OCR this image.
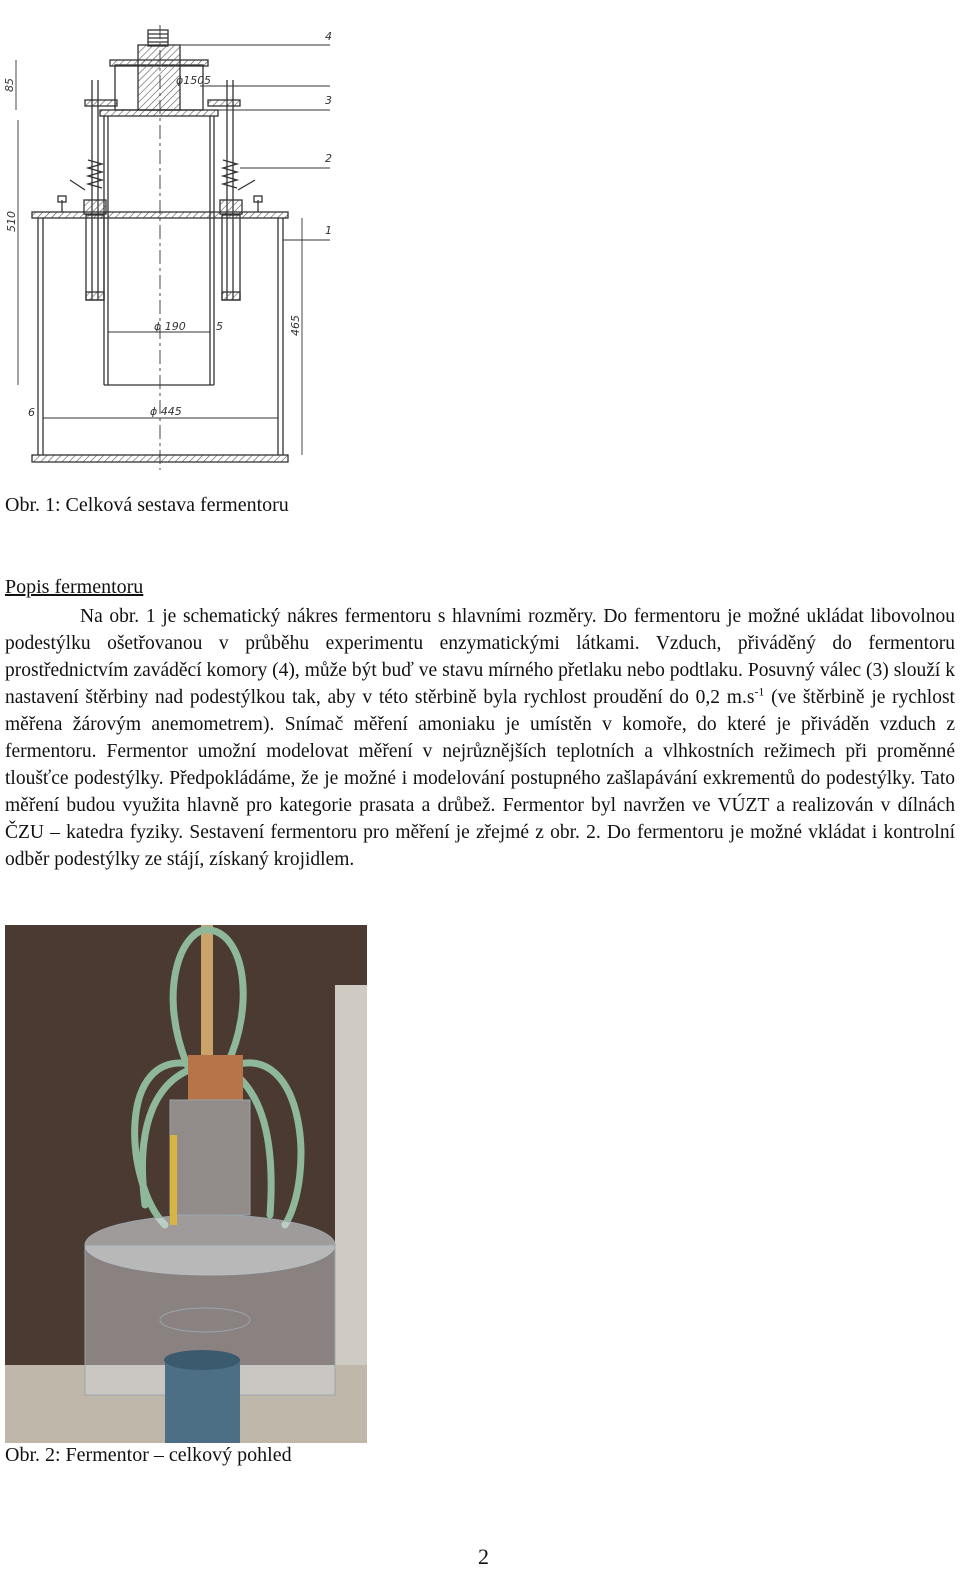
ϕ150
ϕ 190
ϕ 445
5
5
6
85
510
465
4
3
2
1
Obr. 1: Celková sestava fermentoru
Popis fermentoru
Na obr. 1 je schematický nákres fermentoru s hlavními rozměry. Do fermentoru je možné ukládat libovolnou podestýlku ošetřovanou v průběhu experimentu enzymatickými látkami. Vzduch, přiváděný do fermentoru prostřednictvím zaváděcí komory (4), může být buď ve stavu mírného přetlaku nebo podtlaku. Posuvný válec (3) slouží k nastavení štěrbiny nad podestýlkou tak, aby v této stěrbině byla rychlost proudění do 0,2 $m.s^{-1}$ (ve štěrbině je rychlost měřena žárovým anemometrem). Snímač měření amoniaku je umístěn v komoře, do které je přiváděn vzduch z fermentoru. Fermentor umožní modelovat měření v nejrůznějších teplotních a vlhkostních režimech při proměnné tloušťce podestýlky. Předpokládáme, že je možné i modelování postupného zašlapávání exkrementů do podestýlky. Tato měření budou využita hlavně pro kategorie prasata a drůbež. Fermentor byl navržen ve VÚZT a realizován v dílnách ČZU – katedra fyziky. Sestavení fermentoru pro měření je zřejmé z obr. 2. Do fermentoru je možné vkládat i kontrolní odběr podestýlky ze stájí, získaný krojidlem.
Obr. 2: Fermentor – celkový pohled
2
